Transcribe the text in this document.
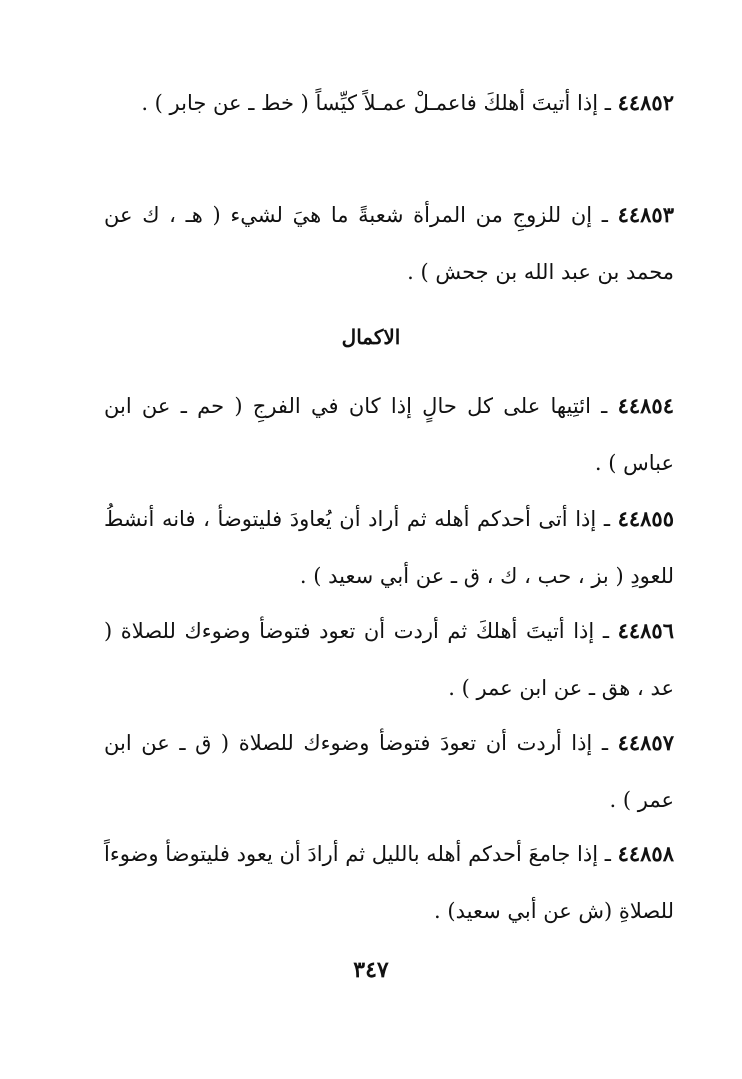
٤٤٨٥٢ ـ إذا أتيتَ أهلكَ فاعمـلْ عمـلاً كيِّساً ( خط ـ عن جابر ) .
٤٤٨٥٣ ـ إن للزوجِ من المرأة شعبةً ما هيَ لشيء ( هـ ، ك عن محمد بن عبد الله بن جحش ) .
الاكمال
٤٤٨٥٤ ـ ائتِيها على كل حالٍ إذا كان في الفرجِ ( حم ـ عن ابن عباس ) .
٤٤٨٥٥ ـ إذا أتى أحدكم أهله ثم أراد أن يُعاودَ فليتوضأ ، فانه أنشطُ للعودِ ( بز ، حب ، ك ، ق ـ عن أبي سعيد ) .
٤٤٨٥٦ ـ إذا أتيتَ أهلكَ ثم أردت أن تعود فتوضأ وضوءك للصلاة ( عد ، هق ـ عن ابن عمر ) .
٤٤٨٥٧ ـ إذا أردت أن تعودَ فتوضأ وضوءك للصلاة ( ق ـ عن ابن عمر ) .
٤٤٨٥٨ ـ إذا جامعَ أحدكم أهله بالليل ثم أرادَ أن يعود فليتوضأ وضوءاً للصلاةِ (ش عن أبي سعيد) .
٣٤٧
